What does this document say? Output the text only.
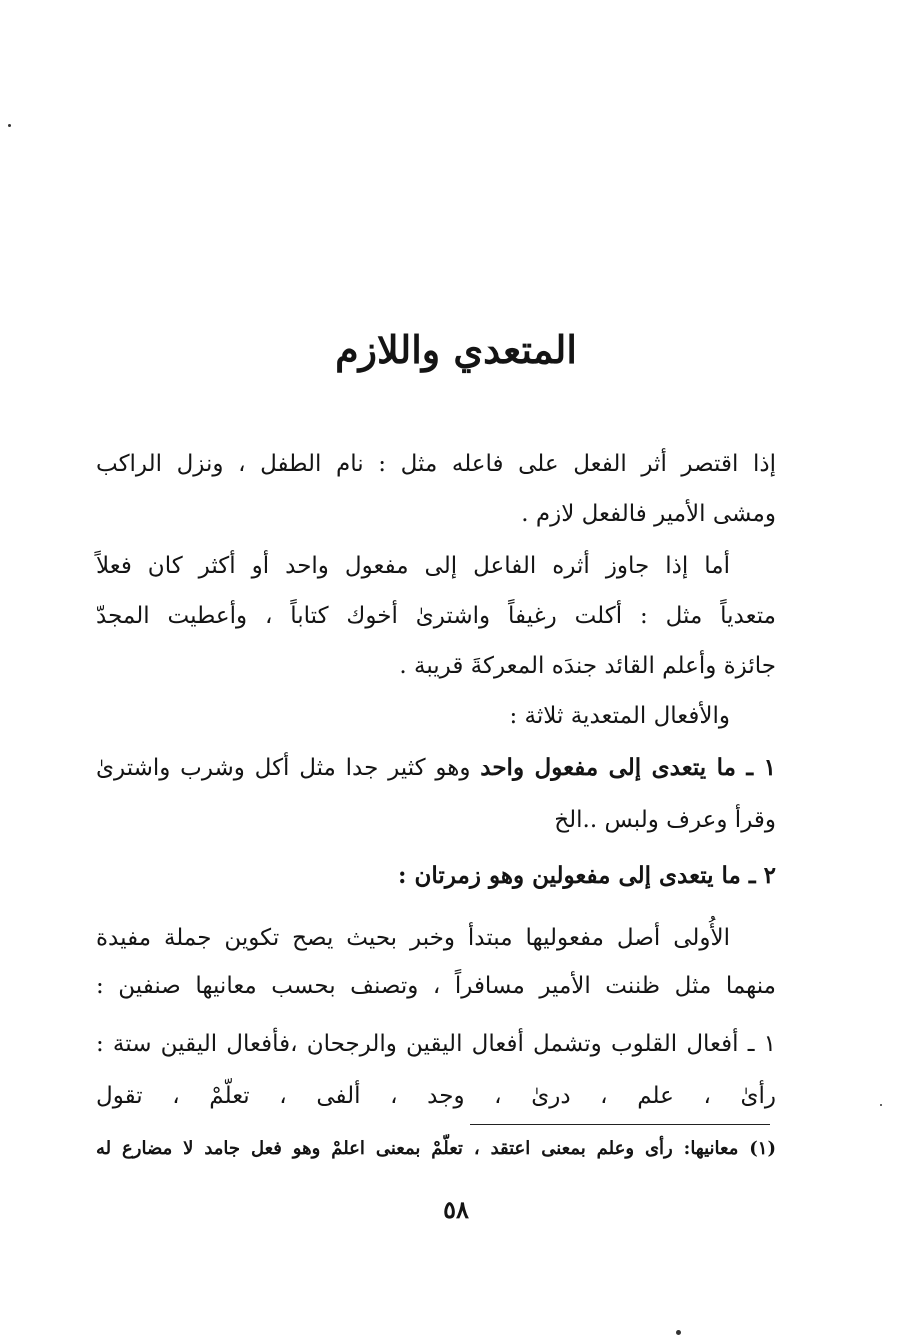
المتعدي واللازم
إذا اقتصر أثر الفعل على فاعله مثل : نام الطفل ، ونزل الراكب
ومشى الأمير فالفعل لازم .
أما إذا جاوز أثره الفاعل إلى مفعول واحد أو أكثر كان فعلاً
متعدياً مثل : أكلت رغيفاً واشترىٰ أخوك كتاباً ، وأعطيت المجدّ
جائزة وأعلم القائد جندَه المعركةَ قريبة .
والأفعال المتعدية ثلاثة :
١ ـ ما يتعدى إلى مفعول واحد وهو كثير جدا مثل أكل وشرب واشترىٰ
وقرأ وعرف ولبس ..الخ
٢ ـ ما يتعدى إلى مفعولين وهو زمرتان :
الأُولى أصل مفعوليها مبتدأ وخبر بحيث يصح تكوين جملة مفيدة
منهما مثل ظننت الأمير مسافراً ، وتصنف بحسب معانيها صنفين :
١ ـ أفعال القلوب وتشمل أفعال اليقين والرجحان ،فأفعال اليقين ستة :
رأىٰ ، علم ، درىٰ ، وجد ، ألفى ، تعلّمْ ، تقول
(١) معانيها: رأى وعلم بمعنى اعتقد ، تعلّمْ بمعنى اعلمْ وهو فعل جامد لا مضارع له
٥٨
